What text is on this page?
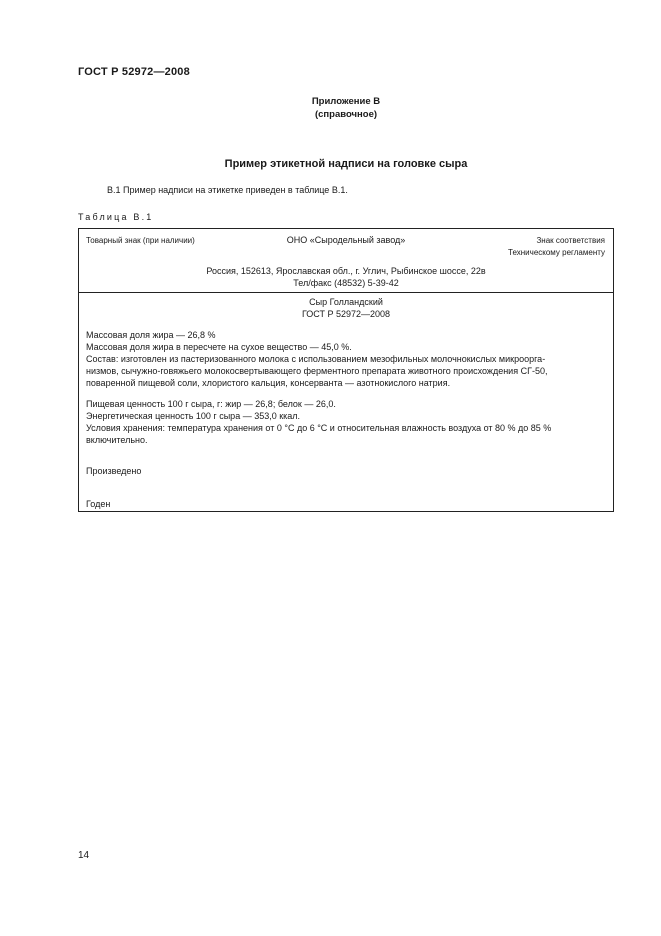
ГОСТ Р 52972—2008
Приложение В
(справочное)
Пример этикетной надписи на головке сыра
В.1 Пример надписи на этикетке приведен в таблице В.1.
Таблица В.1
Товарный знак (при наличии)	ОНО «Сыродельный завод»	Знак соответствия
Техническому регламенту
Россия, 152613, Ярославская обл., г. Углич, Рыбинское шоссе, 22в
Тел/факс (48532) 5-39-42
Сыр Голландский
ГОСТ Р 52972—2008
Массовая доля жира — 26,8 %
Массовая доля жира в пересчете на сухое вещество — 45,0 %.
Состав: изготовлен из пастеризованного молока с использованием мезофильных молочнокислых микроорга-
низмов, сычужно-говяжьего молокосвертывающего ферментного препарата животного происхождения СГ-50,
поваренной пищевой соли, хлористого кальция, консерванта — азотнокислого натрия.
Пищевая ценность 100 г сыра, г: жир — 26,8; белок — 26,0.
Энергетическая ценность 100 г сыра — 353,0 ккал.
Условия хранения: температура хранения от 0 °С до 6 °С и относительная влажность воздуха от 80 % до 85 %
включительно.
Произведено
Годен
14
